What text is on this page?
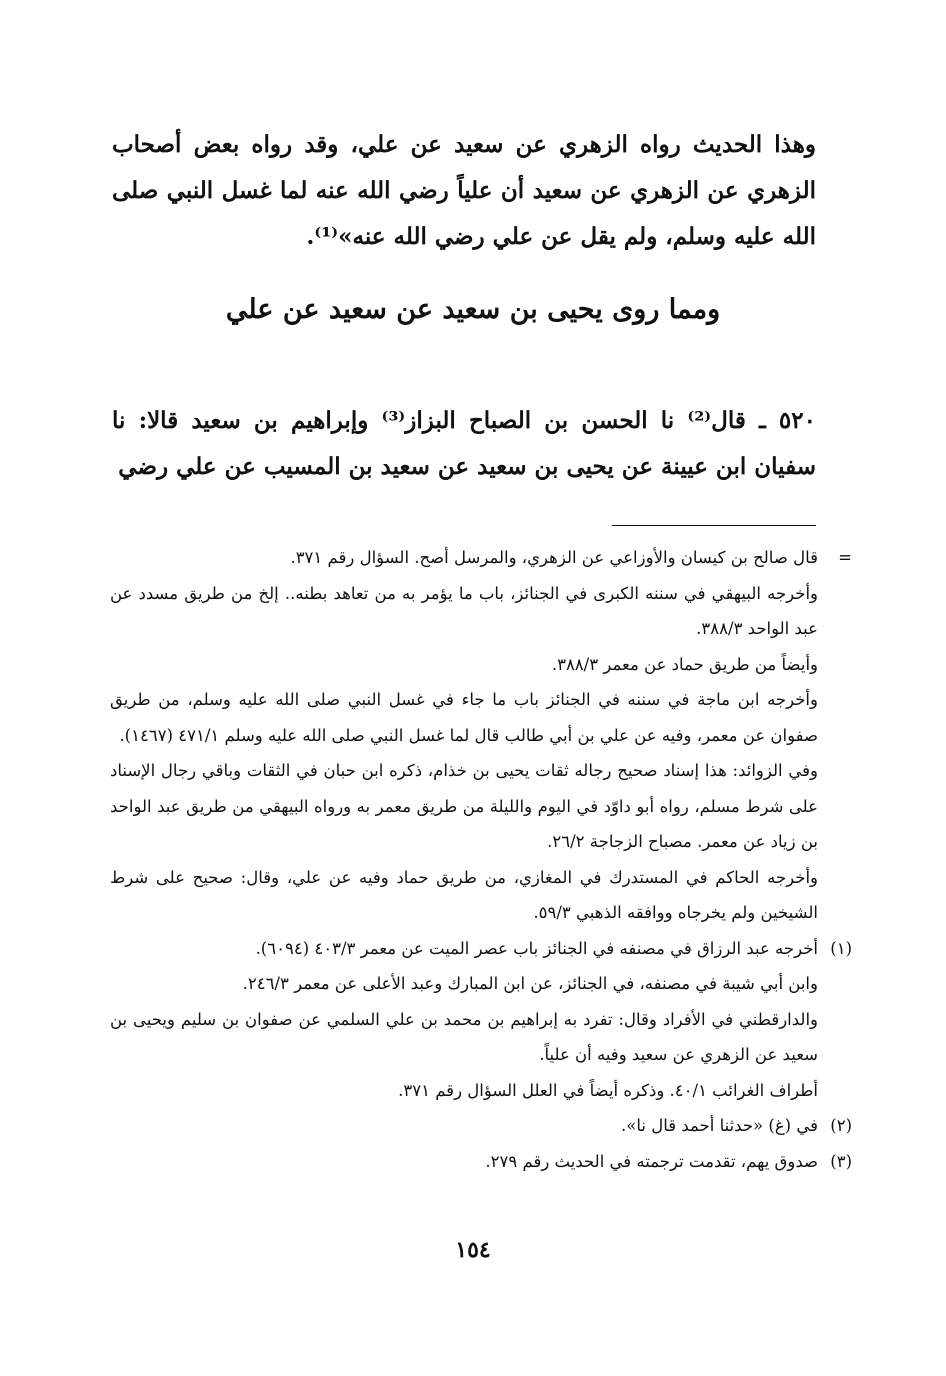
وهذا الحديث رواه الزهري عن سعيد عن علي، وقد رواه بعض أصحاب الزهري عن الزهري عن سعيد أن علياً رضي الله عنه لما غسل النبي صلى الله عليه وسلم، ولم يقل عن علي رضي الله عنه»⁽¹⁾.
ومما روى يحيى بن سعيد عن سعيد عن علي
٥٢٠ ـ قال⁽²⁾ نا الحسن بن الصباح البزاز⁽³⁾ وإبراهيم بن سعيد قالا: نا سفيان ابن عيينة عن يحيى بن سعيد عن سعيد بن المسيب عن علي رضي
=
قال صالح بن كيسان والأوزاعي عن الزهري، والمرسل أصح. السؤال رقم ٣٧١.
وأخرجه البيهقي في سننه الكبرى في الجنائز، باب ما يؤمر به من تعاهد بطنه.. إلخ من طريق مسدد عن عبد الواحد ٣٨٨/٣.
وأيضاً من طريق حماد عن معمر ٣٨٨/٣.
وأخرجه ابن ماجة في سننه في الجنائز باب ما جاء في غسل النبي صلى الله عليه وسلم، من طريق صفوان عن معمر، وفيه عن علي بن أبي طالب قال لما غسل النبي صلى الله عليه وسلم ٤٧١/١ (١٤٦٧).
وفي الزوائد: هذا إسناد صحيح رجاله ثقات يحيى بن خذام، ذكره ابن حبان في الثقات وباقي رجال الإسناد على شرط مسلم، رواه أبو داوّد في اليوم والليلة من طريق معمر به ورواه البيهقي من طريق عبد الواحد بن زياد عن معمر. مصباح الزجاجة ٢٦/٢.
وأخرجه الحاكم في المستدرك في المغازي، من طريق حماد وفيه عن علي، وقال: صحيح على شرط الشيخين ولم يخرجاه ووافقه الذهبي ٥٩/٣.
(١)
أخرجه عبد الرزاق في مصنفه في الجنائز باب عصر الميت عن معمر ٤٠٣/٣ (٦٠٩٤).
وابن أبي شيبة في مصنفه، في الجنائز، عن ابن المبارك وعبد الأعلى عن معمر ٢٤٦/٣.
والدارقطني في الأفراد وقال: تفرد به إبراهيم بن محمد بن علي السلمي عن صفوان بن سليم ويحيى بن سعيد عن الزهري عن سعيد وفيه أن علياً.
أطراف الغرائب ٤٠/١. وذكره أيضاً في العلل السؤال رقم ٣٧١.
(٢)
في (غ) «حدثنا أحمد قال نا».
(٣)
صدوق يهم، تقدمت ترجمته في الحديث رقم ٢٧٩.
١٥٤
